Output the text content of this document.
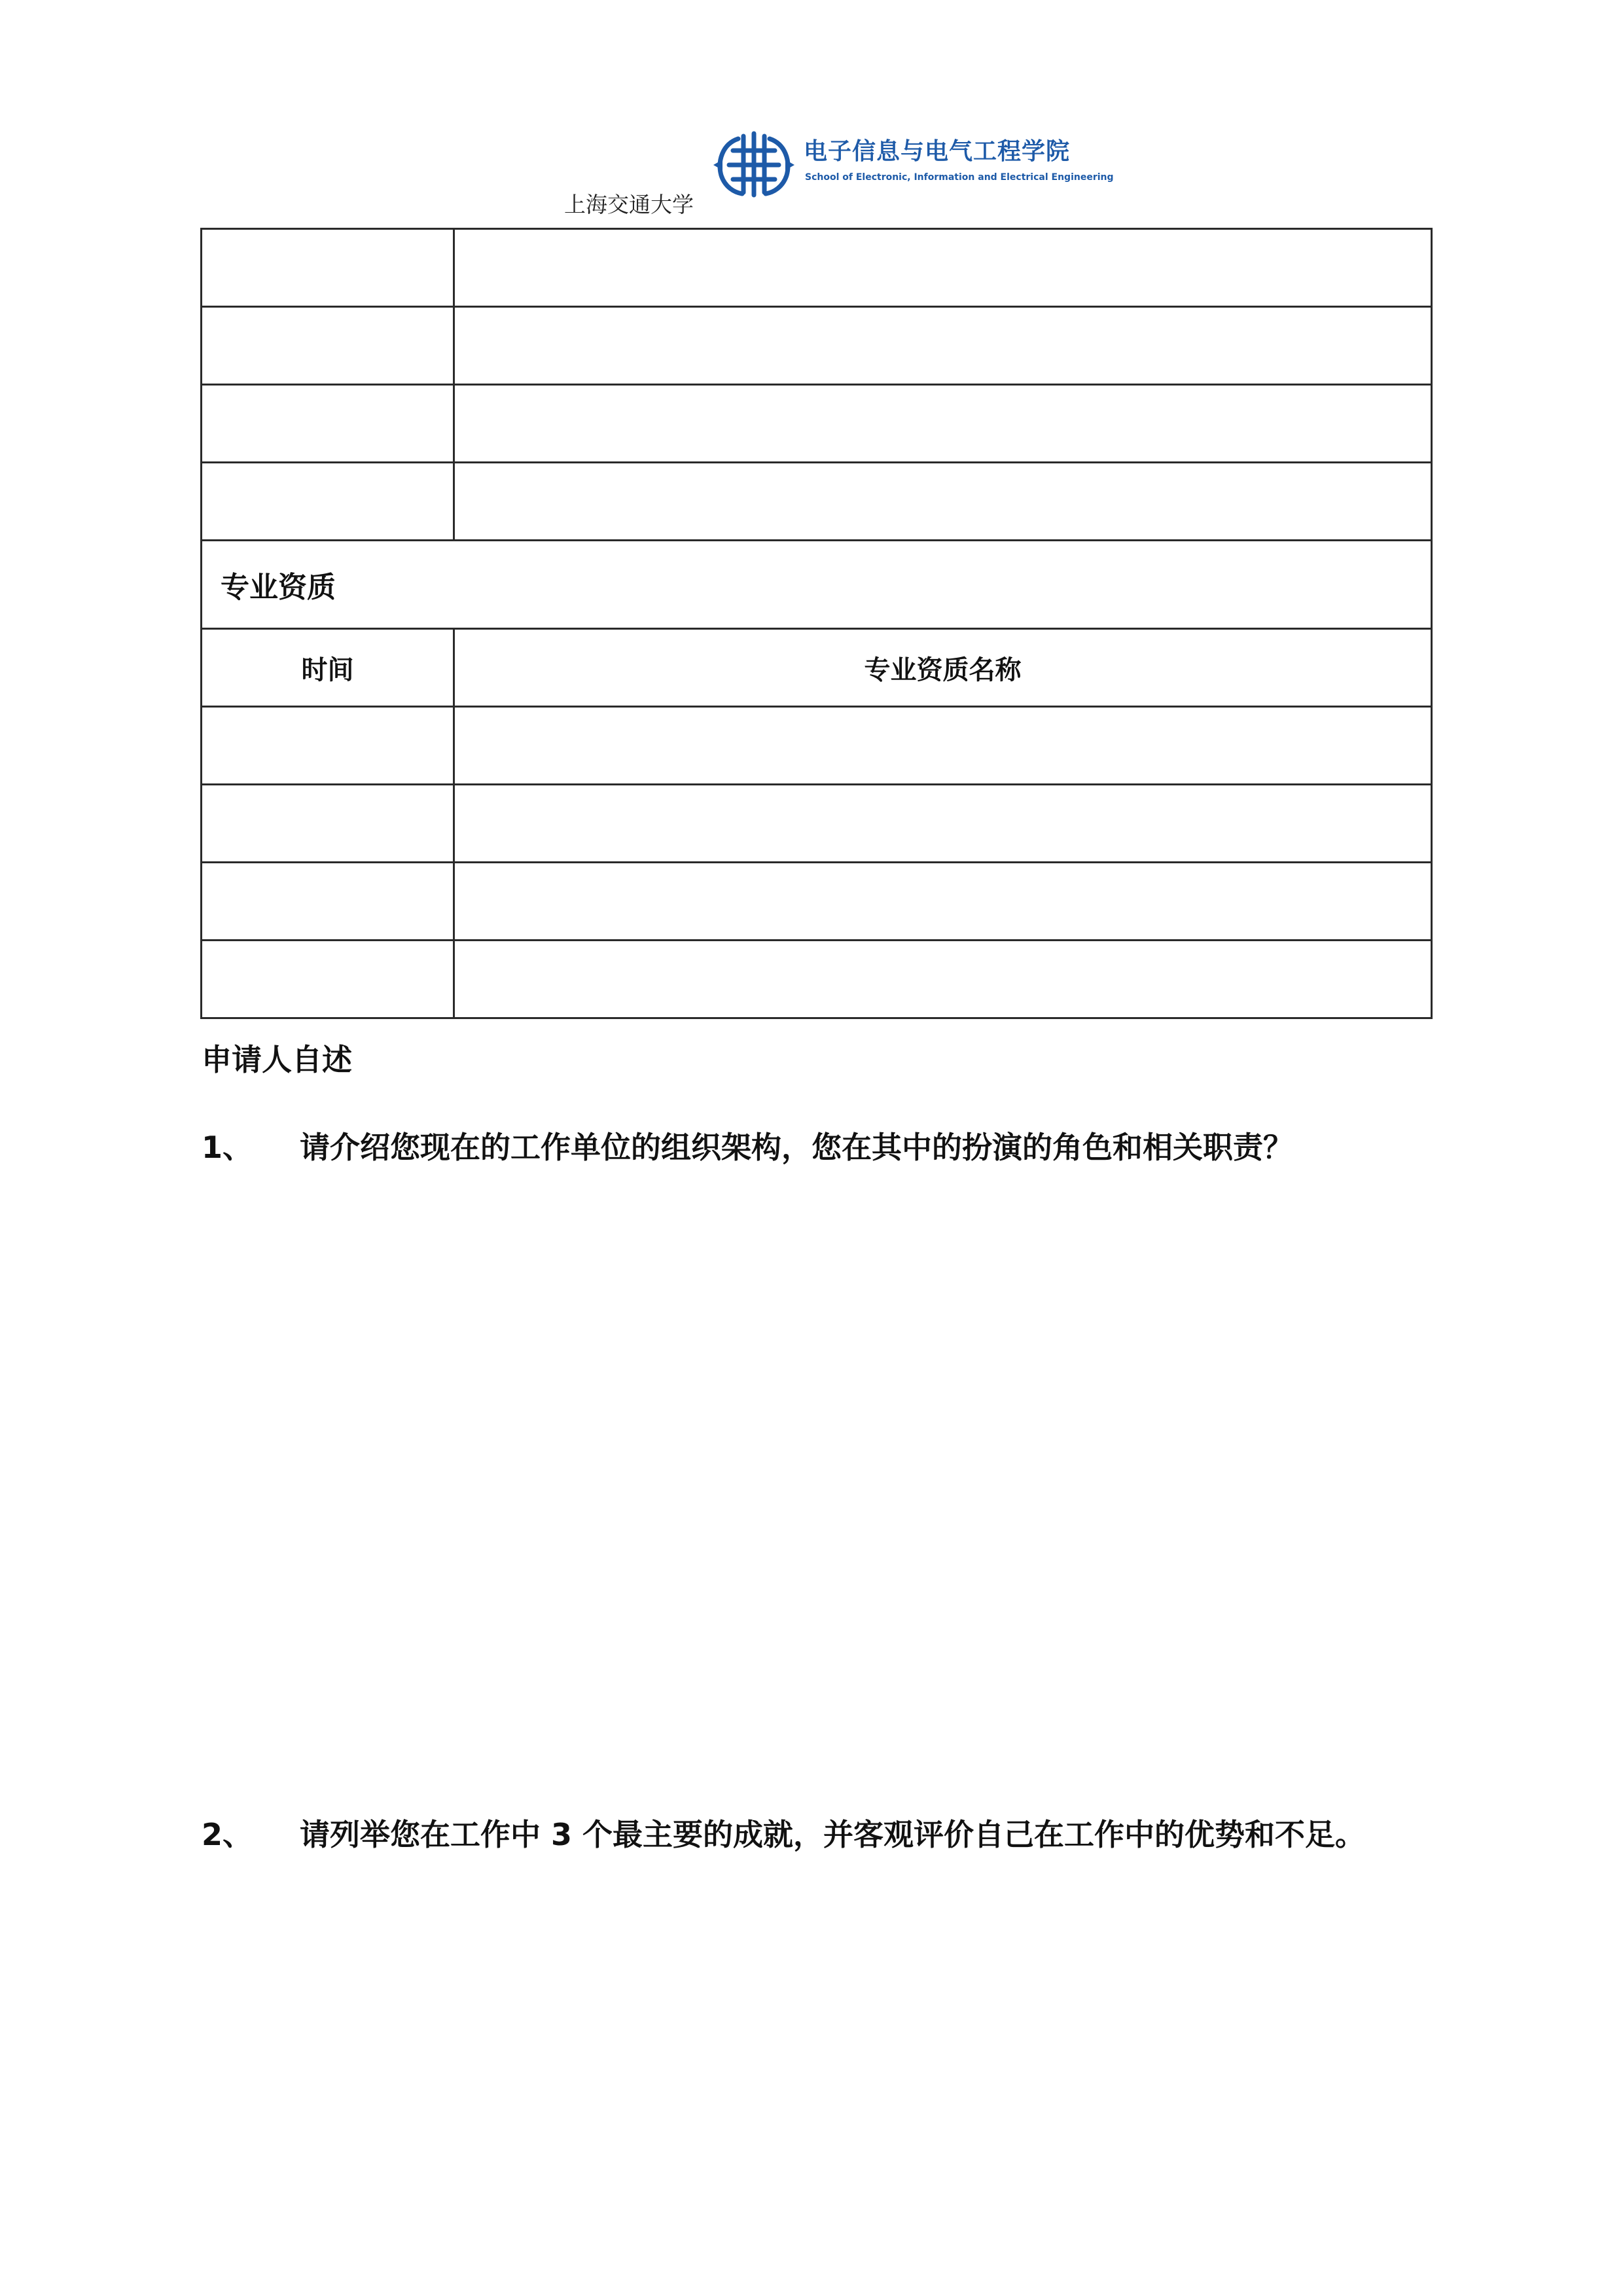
电子信息与电气工程学院
School of Electronic, Information and Electrical Engineering
上海交通大学

专业资质	
时间	专业资质名称

申请人自述
1、 请介绍您现在的工作单位的组织架构，您在其中的扮演的角色和相关职责？
2、 请列举您在工作中 3 个最主要的成就，并客观评价自己在工作中的优势和不足。
